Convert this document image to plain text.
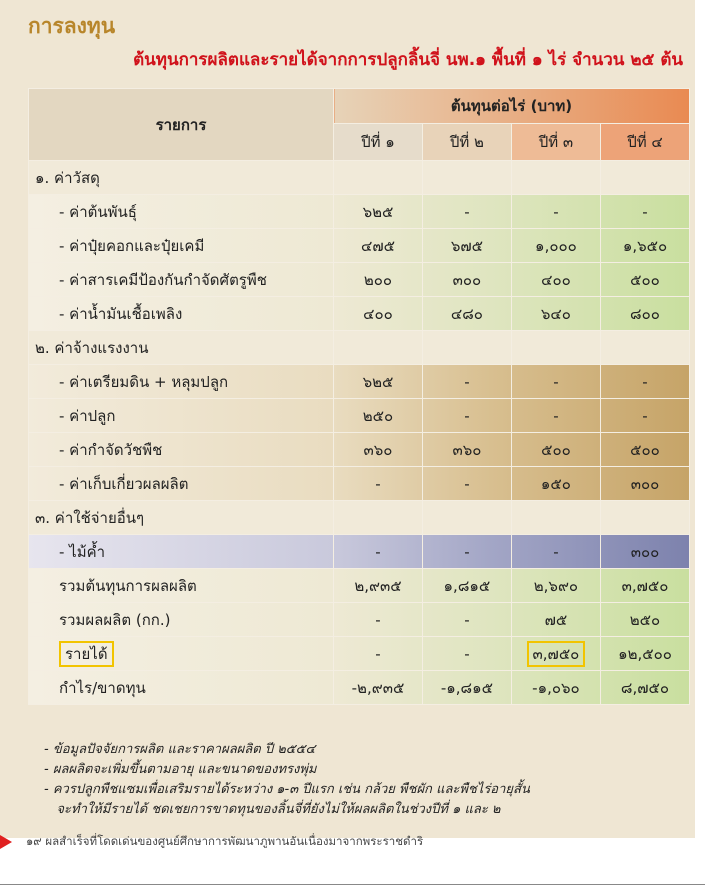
การลงทุน
ต้นทุนการผลิตและรายได้จากการปลูกลิ้นจี่ นพ.๑ พื้นที่ ๑ ไร่ จำนวน ๒๕ ต้น
รายการ	ต้นทุนต่อไร่ (บาท)			
	ปีที่ ๑	ปีที่ ๒	ปีที่ ๓	ปีที่ ๔
๑. ค่าวัสดุ				
- ค่าต้นพันธุ์	๖๒๕	-	-	-
- ค่าปุ๋ยคอกและปุ๋ยเคมี	๔๗๕	๖๗๕	๑,๐๐๐	๑,๖๕๐
- ค่าสารเคมีป้องกันกำจัดศัตรูพืช	๒๐๐	๓๐๐	๔๐๐	๕๐๐
- ค่าน้ำมันเชื้อเพลิง	๔๐๐	๔๘๐	๖๔๐	๘๐๐
๒. ค่าจ้างแรงงาน				
- ค่าเตรียมดิน + หลุมปลูก	๖๒๕	-	-	-
- ค่าปลูก	๒๕๐	-	-	-
- ค่ากำจัดวัชพืช	๓๖๐	๓๖๐	๕๐๐	๕๐๐
- ค่าเก็บเกี่ยวผลผลิต	-	-	๑๕๐	๓๐๐
๓. ค่าใช้จ่ายอื่นๆ				
- ไม้ค้ำ	-	-	-	๓๐๐
รวมต้นทุนการผลผลิต	๒,๙๓๕	๑,๘๑๕	๒,๖๙๐	๓,๗๕๐
รวมผลผลิต (กก.)	-	-	๗๕	๒๕๐
รายได้	-	-	๓,๗๕๐	๑๒,๕๐๐
กำไร/ขาดทุน	-๒,๙๓๕	-๑,๘๑๕	-๑,๐๖๐	๘,๗๕๐
- ข้อมูลปัจจัยการผลิต และราคาผลผลิต ปี ๒๕๕๔
- ผลผลิตจะเพิ่มขึ้นตามอายุ และขนาดของทรงพุ่ม
- ควรปลูกพืชแซมเพื่อเสริมรายได้ระหว่าง ๑-๓ ปีแรก เช่น กล้วย พืชผัก และพืชไร่อายุสั้น
จะทำให้มีรายได้ ชดเชยการขาดทุนของลิ้นจี่ที่ยังไม่ให้ผลผลิตในช่วงปีที่ ๑ และ ๒
๑๙ ผลสำเร็จที่โดดเด่นของศูนย์ศึกษาการพัฒนาภูพานอันเนื่องมาจากพระราชดำริ
